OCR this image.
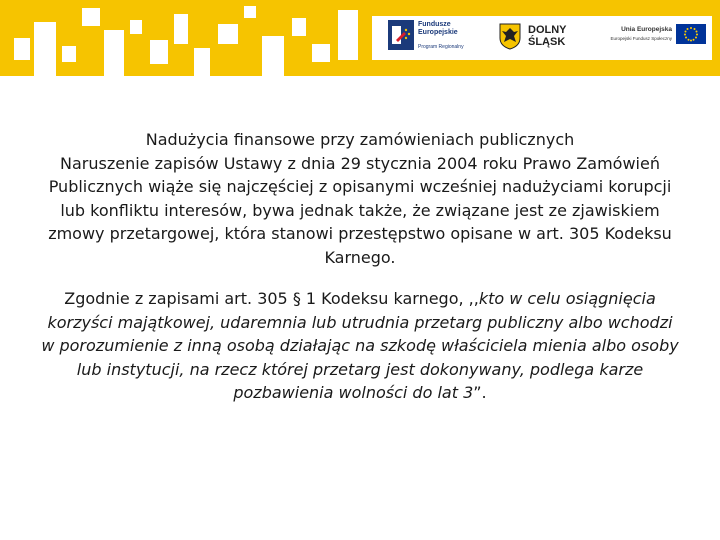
Fundusze
Europejskie
Program Regionalny
DOLNY
ŚLĄSK
Unia Europejska
Europejski Fundusz Społeczny

Nadużycia finansowe przy zamówieniach publicznych
Naruszenie zapisów Ustawy z dnia 29 stycznia 2004 roku Prawo Zamówień Publicznych wiąże się najczęściej z opisanymi wcześniej nadużyciami korupcji lub konfliktu interesów, bywa jednak także, że związane jest ze zjawiskiem zmowy przetargowej, która stanowi przestępstwo opisane w art. 305 Kodeksu Karnego.

Zgodnie z zapisami art. 305 § 1 Kodeksu karnego, ,,kto w celu osiągnięcia korzyści majątkowej, udaremnia lub utrudnia przetarg publiczny albo wchodzi w porozumienie z inną osobą działając na szkodę właściciela mienia albo osoby lub instytucji, na rzecz której przetarg jest dokonywany, podlega karze pozbawienia wolności do lat 3”.
